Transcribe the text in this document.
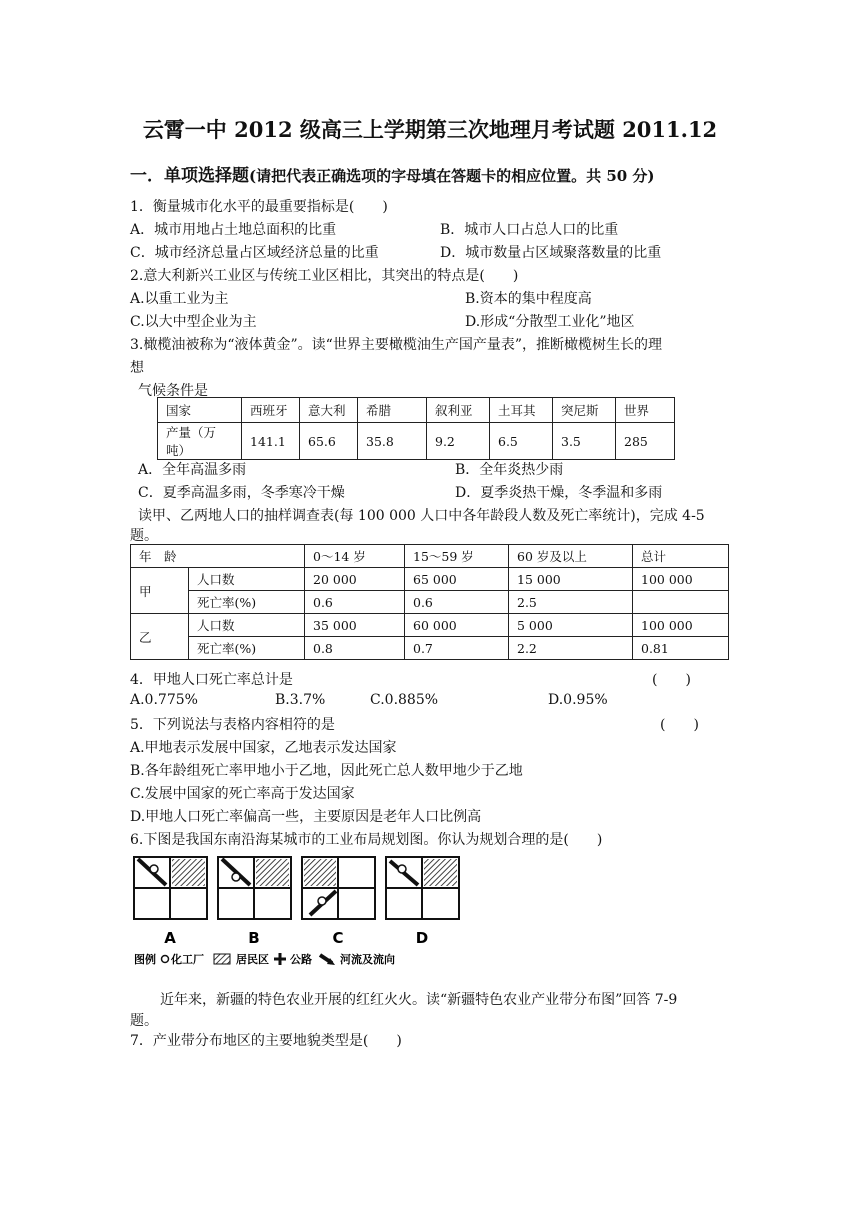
云霄一中 2012 级高三上学期第三次地理月考试题 2011.12
一．单项选择题(请把代表正确选项的字母填在答题卡的相应位置。共 50 分)
1．衡量城市化水平的最重要指标是(　　)
A．城市用地占土地总面积的比重	B．城市人口占总人口的比重
C．城市经济总量占区域经济总量的比重	D．城市数量占区域聚落数量的比重
2.意大利新兴工业区与传统工业区相比，其突出的特点是(　　)
A.以重工业为主	B.资本的集中程度高
C.以大中型企业为主	D.形成“分散型工业化”地区
3.橄榄油被称为“液体黄金”。读“世界主要橄榄油生产国产量表”，推断橄榄树生长的理
想
气候条件是
国家	西班牙	意大利	希腊	叙利亚	土耳其	突尼斯	世界
产量（万吨）	141.1	65.6	35.8	9.2	6.5	3.5	285
A．全年高温多雨	B．全年炎热少雨
C．夏季高温多雨，冬季寒冷干燥	D．夏季炎热干燥，冬季温和多雨
读甲、乙两地人口的抽样调查表(每 100 000 人口中各年龄段人数及死亡率统计)，完成 4-5
题。
年　龄		0～14 岁	15～59 岁	60 岁及以上	总计
甲	人口数	20 000	65 000	15 000	100 000
	死亡率(%)	0.6	0.6	2.5	
乙	人口数	35 000	60 000	5 000	100 000
	死亡率(%)	0.8	0.7	2.2	0.81
4．甲地人口死亡率总计是	(　　)
A.0.775%	B.3.7%	C.0.885%	D.0.95%
5．下列说法与表格内容相符的是	(　　)
A.甲地表示发展中国家，乙地表示发达国家
B.各年龄组死亡率甲地小于乙地，因此死亡总人数甲地少于乙地
C.发展中国家的死亡率高于发达国家
D.甲地人口死亡率偏高一些，主要原因是老年人口比例高
6.下图是我国东南沿海某城市的工业布局规划图。你认为规划合理的是(　　)
A	B	C	D
图例 化工厂	居民区 公路	河流及流向
近年来，新疆的特色农业开展的红红火火。读“新疆特色农业产业带分布图”回答 7-9
题。
7．产业带分布地区的主要地貌类型是(　　)
